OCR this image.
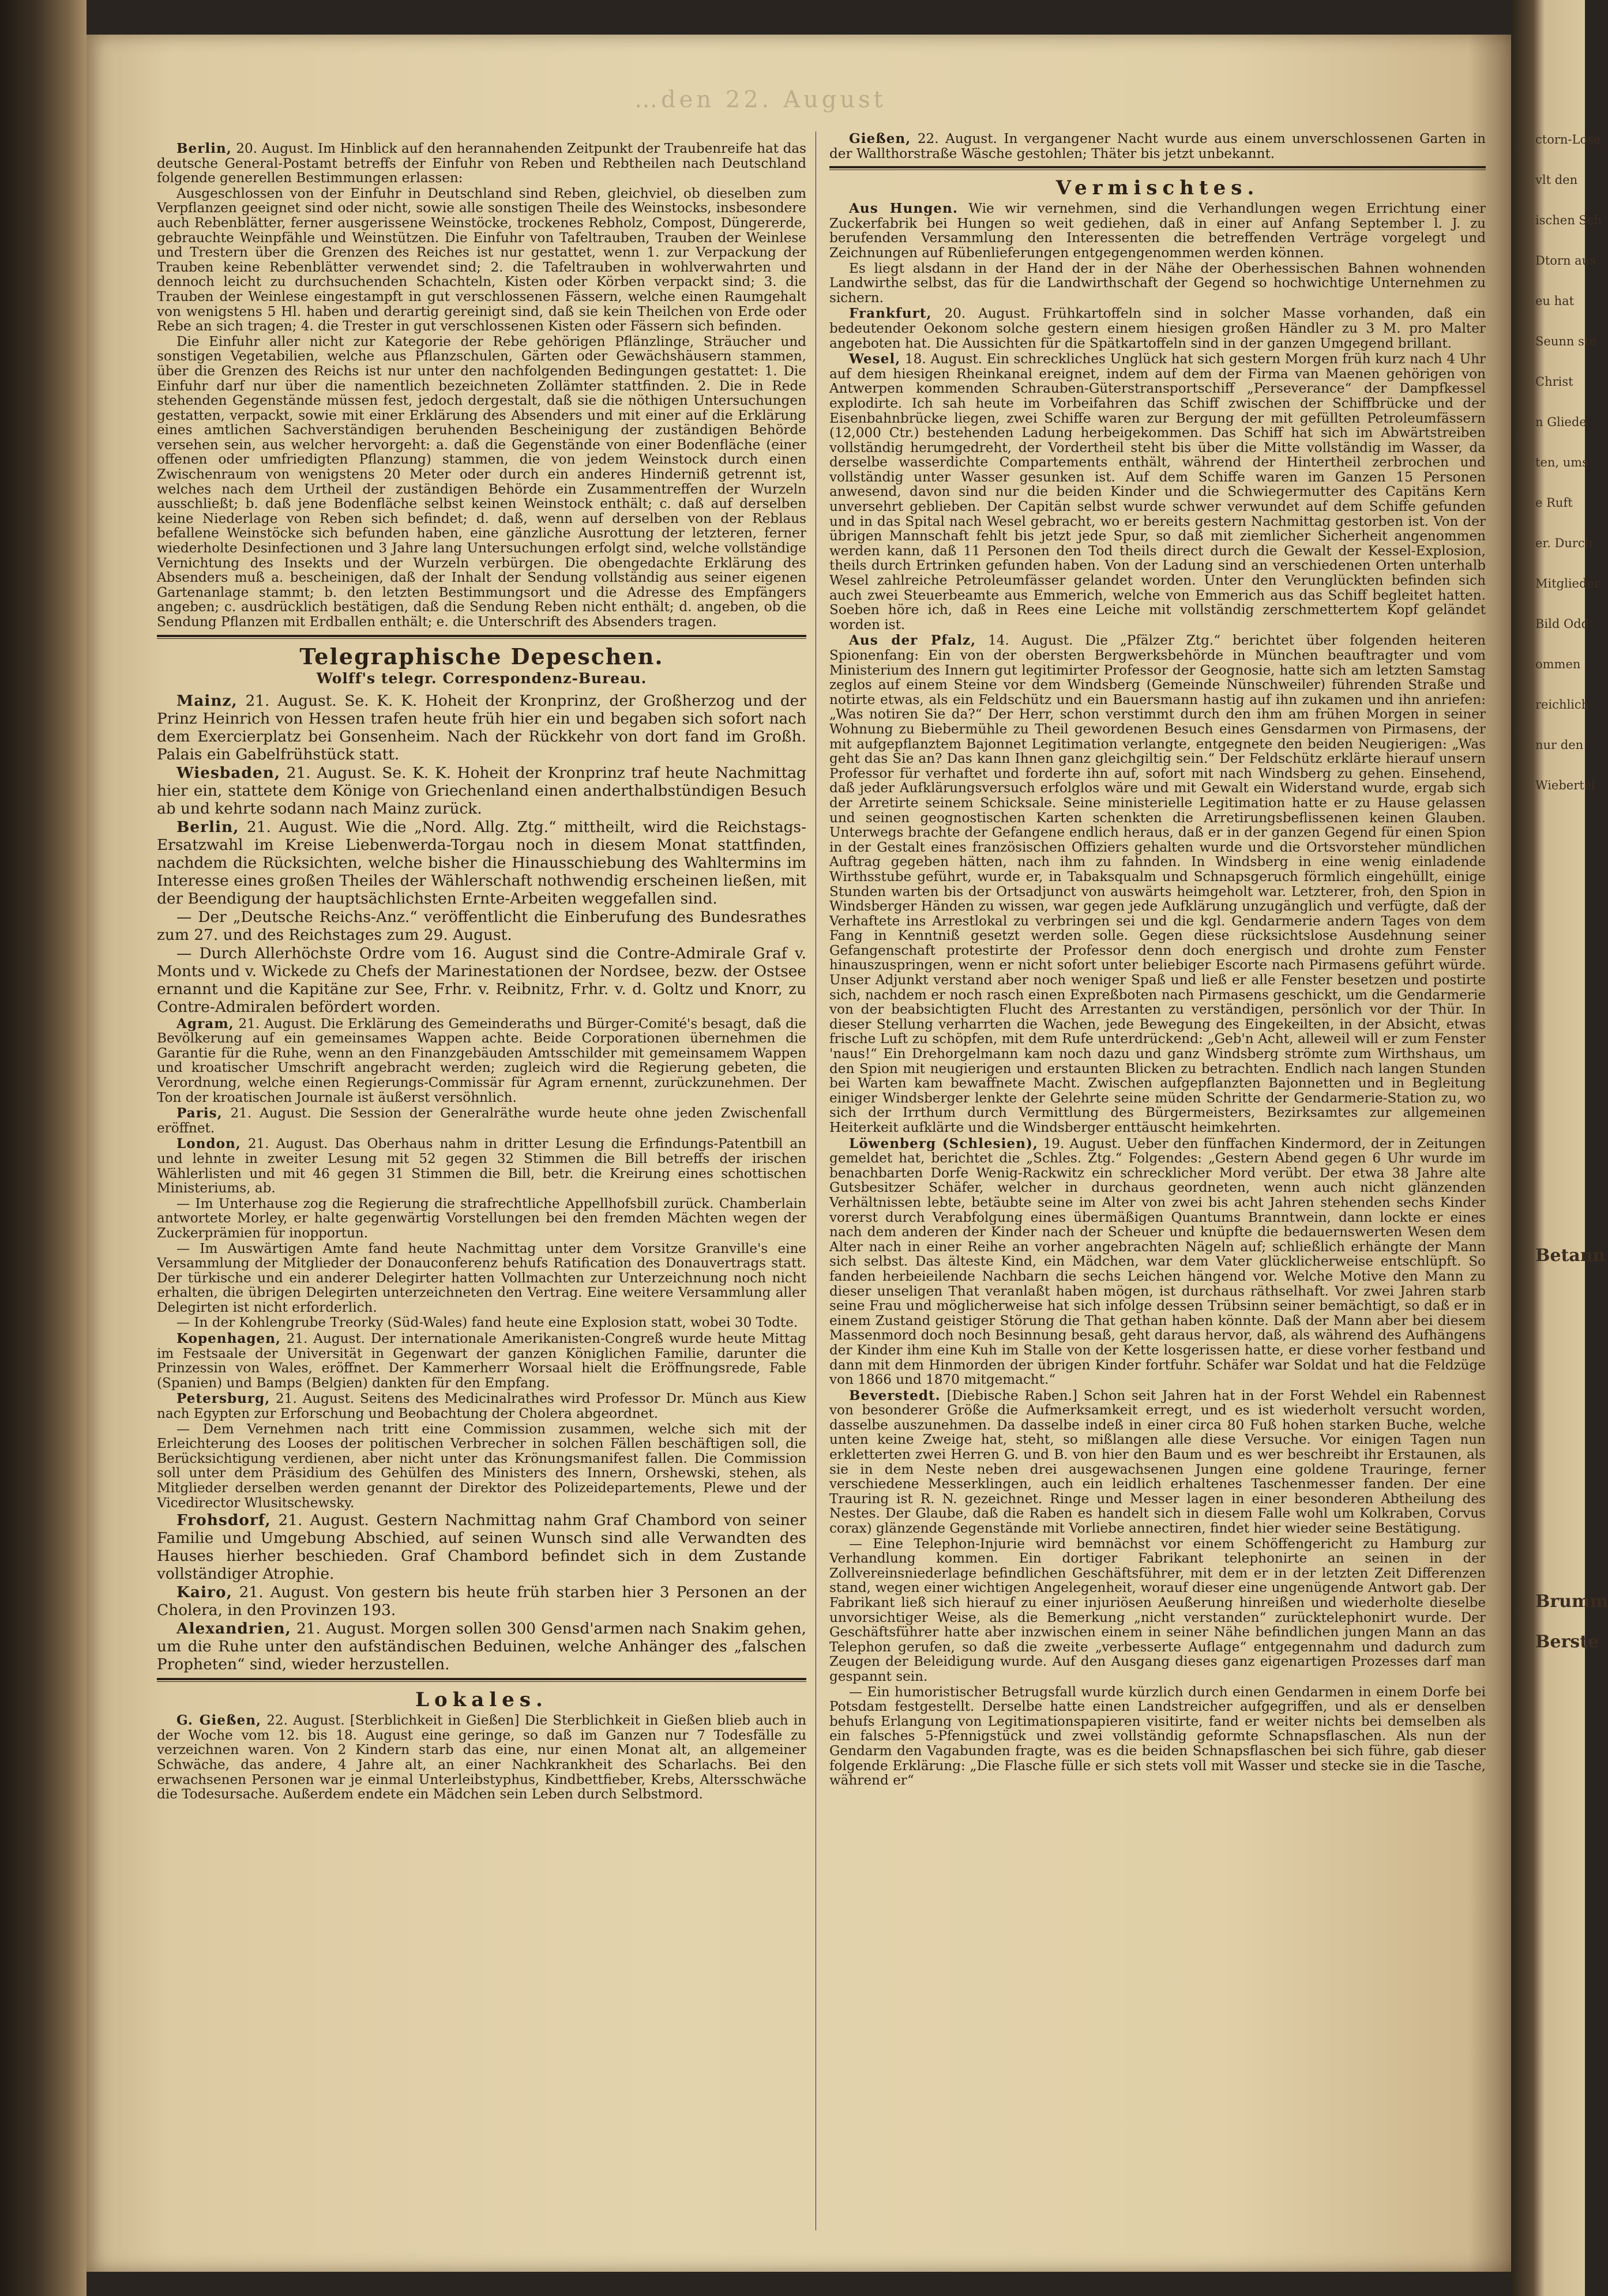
…den 22. August

Berlin, 20. August. Im Hinblick auf den herannahenden Zeitpunkt der Traubenreife hat das deutsche General-Postamt betreffs der Einfuhr von Reben und Rebtheilen nach Deutschland folgende generellen Bestimmungen erlassen:

Ausgeschlossen von der Einfuhr in Deutschland sind Reben, gleichviel, ob dieselben zum Verpflanzen geeignet sind oder nicht, sowie alle sonstigen Theile des Weinstocks, insbesondere auch Rebenblätter, ferner ausgerissene Weinstöcke, trockenes Rebholz, Compost, Düngererde, gebrauchte Weinpfähle und Weinstützen. Die Einfuhr von Tafeltrauben, Trauben der Weinlese und Trestern über die Grenzen des Reiches ist nur gestattet, wenn 1. zur Verpackung der Trauben keine Rebenblätter verwendet sind; 2. die Tafeltrauben in wohlverwahrten und dennoch leicht zu durchsuchenden Schachteln, Kisten oder Körben verpackt sind; 3. die Trauben der Weinlese eingestampft in gut verschlossenen Fässern, welche einen Raumgehalt von wenigstens 5 Hl. haben und derartig gereinigt sind, daß sie kein Theilchen von Erde oder Rebe an sich tragen; 4. die Trester in gut verschlossenen Kisten oder Fässern sich befinden.

Die Einfuhr aller nicht zur Kategorie der Rebe gehörigen Pflänzlinge, Sträucher und sonstigen Vegetabilien, welche aus Pflanzschulen, Gärten oder Gewächshäusern stammen, über die Grenzen des Reichs ist nur unter den nachfolgenden Bedingungen gestattet: 1. Die Einfuhr darf nur über die namentlich bezeichneten Zollämter stattfinden. 2. Die in Rede stehenden Gegenstände müssen fest, jedoch dergestalt, daß sie die nöthigen Untersuchungen gestatten, verpackt, sowie mit einer Erklärung des Absenders und mit einer auf die Erklärung eines amtlichen Sachverständigen beruhenden Bescheinigung der zuständigen Behörde versehen sein, aus welcher hervorgeht: a. daß die Gegenstände von einer Bodenfläche (einer offenen oder umfriedigten Pflanzung) stammen, die von jedem Weinstock durch einen Zwischenraum von wenigstens 20 Meter oder durch ein anderes Hinderniß getrennt ist, welches nach dem Urtheil der zuständigen Behörde ein Zusammentreffen der Wurzeln ausschließt; b. daß jene Bodenfläche selbst keinen Weinstock enthält; c. daß auf derselben keine Niederlage von Reben sich befindet; d. daß, wenn auf derselben von der Reblaus befallene Weinstöcke sich befunden haben, eine gänzliche Ausrottung der letzteren, ferner wiederholte Desinfectionen und 3 Jahre lang Untersuchungen erfolgt sind, welche vollständige Vernichtung des Insekts und der Wurzeln verbürgen. Die obengedachte Erklärung des Absenders muß a. bescheinigen, daß der Inhalt der Sendung vollständig aus seiner eigenen Gartenanlage stammt; b. den letzten Bestimmungsort und die Adresse des Empfängers angeben; c. ausdrücklich bestätigen, daß die Sendung Reben nicht enthält; d. angeben, ob die Sendung Pflanzen mit Erdballen enthält; e. die Unterschrift des Absenders tragen.

Telegraphische Depeschen.
Wolff's telegr. Correspondenz-Bureau.

Mainz, 21. August. Se. K. K. Hoheit der Kronprinz, der Großherzog und der Prinz Heinrich von Hessen trafen heute früh hier ein und begaben sich sofort nach dem Exercierplatz bei Gonsenheim. Nach der Rückkehr von dort fand im Großh. Palais ein Gabelfrühstück statt.

Wiesbaden, 21. August. Se. K. K. Hoheit der Kronprinz traf heute Nachmittag hier ein, stattete dem Könige von Griechenland einen anderthalbstündigen Besuch ab und kehrte sodann nach Mainz zurück.

Berlin, 21. August. Wie die „Nord. Allg. Ztg.“ mittheilt, wird die Reichstags-Ersatzwahl im Kreise Liebenwerda-Torgau noch in diesem Monat stattfinden, nachdem die Rücksichten, welche bisher die Hinausschiebung des Wahltermins im Interesse eines großen Theiles der Wählerschaft nothwendig erscheinen ließen, mit der Beendigung der hauptsächlichsten Ernte-Arbeiten weggefallen sind.

— Der „Deutsche Reichs-Anz.“ veröffentlicht die Einberufung des Bundesrathes zum 27. und des Reichstages zum 29. August.

— Durch Allerhöchste Ordre vom 16. August sind die Contre-Admirale Graf v. Monts und v. Wickede zu Chefs der Marinestationen der Nordsee, bezw. der Ostsee ernannt und die Kapitäne zur See, Frhr. v. Reibnitz, Frhr. v. d. Goltz und Knorr, zu Contre-Admiralen befördert worden.

Agram, 21. August. Die Erklärung des Gemeinderaths und Bürger-Comité's besagt, daß die Bevölkerung auf ein gemeinsames Wappen achte. Beide Corporationen übernehmen die Garantie für die Ruhe, wenn an den Finanzgebäuden Amtsschilder mit gemeinsamem Wappen und kroatischer Umschrift angebracht werden; zugleich wird die Regierung gebeten, die Verordnung, welche einen Regierungs-Commissär für Agram ernennt, zurückzunehmen. Der Ton der kroatischen Journale ist äußerst versöhnlich.

Paris, 21. August. Die Session der Generalräthe wurde heute ohne jeden Zwischenfall eröffnet.

London, 21. August. Das Oberhaus nahm in dritter Lesung die Erfindungs-Patentbill an und lehnte in zweiter Lesung mit 52 gegen 32 Stimmen die Bill betreffs der irischen Wählerlisten und mit 46 gegen 31 Stimmen die Bill, betr. die Kreirung eines schottischen Ministeriums, ab.

— Im Unterhause zog die Regierung die strafrechtliche Appellhofsbill zurück. Chamberlain antwortete Morley, er halte gegenwärtig Vorstellungen bei den fremden Mächten wegen der Zuckerprämien für inopportun.

— Im Auswärtigen Amte fand heute Nachmittag unter dem Vorsitze Granville's eine Versammlung der Mitglieder der Donauconferenz behufs Ratification des Donauvertrags statt. Der türkische und ein anderer Delegirter hatten Vollmachten zur Unterzeichnung noch nicht erhalten, die übrigen Delegirten unterzeichneten den Vertrag. Eine weitere Versammlung aller Delegirten ist nicht erforderlich.

— In der Kohlengrube Treorky (Süd-Wales) fand heute eine Explosion statt, wobei 30 Todte.

Kopenhagen, 21. August. Der internationale Amerikanisten-Congreß wurde heute Mittag im Festsaale der Universität in Gegenwart der ganzen Königlichen Familie, darunter die Prinzessin von Wales, eröffnet. Der Kammerherr Worsaal hielt die Eröffnungsrede, Fable (Spanien) und Bamps (Belgien) dankten für den Empfang.

Petersburg, 21. August. Seitens des Medicinalrathes wird Professor Dr. Münch aus Kiew nach Egypten zur Erforschung und Beobachtung der Cholera abgeordnet.

— Dem Vernehmen nach tritt eine Commission zusammen, welche sich mit der Erleichterung des Looses der politischen Verbrecher in solchen Fällen beschäftigen soll, die Berücksichtigung verdienen, aber nicht unter das Krönungsmanifest fallen. Die Commission soll unter dem Präsidium des Gehülfen des Ministers des Innern, Orshewski, stehen, als Mitglieder derselben werden genannt der Direktor des Polizeidepartements, Plewe und der Vicedirector Wlusitschewsky.

Frohsdorf, 21. August. Gestern Nachmittag nahm Graf Chambord von seiner Familie und Umgebung Abschied, auf seinen Wunsch sind alle Verwandten des Hauses hierher beschieden. Graf Chambord befindet sich in dem Zustande vollständiger Atrophie.

Kairo, 21. August. Von gestern bis heute früh starben hier 3 Personen an der Cholera, in den Provinzen 193.

Alexandrien, 21. August. Morgen sollen 300 Gensd'armen nach Snakim gehen, um die Ruhe unter den aufständischen Beduinen, welche Anhänger des „falschen Propheten“ sind, wieder herzustellen.

Lokales.

G. Gießen, 22. August. [Sterblichkeit in Gießen] Die Sterblichkeit in Gießen blieb auch in der Woche vom 12. bis 18. August eine geringe, so daß im Ganzen nur 7 Todesfälle zu verzeichnen waren. Von 2 Kindern starb das eine, nur einen Monat alt, an allgemeiner Schwäche, das andere, 4 Jahre alt, an einer Nachkrankheit des Scharlachs. Bei den erwachsenen Personen war je einmal Unterleibstyphus, Kindbettfieber, Krebs, Altersschwäche die Todesursache. Außerdem endete ein Mädchen sein Leben durch Selbstmord.

Gießen, 22. August. In vergangener Nacht wurde aus einem unverschlossenen Garten in der Wallthorstraße Wäsche gestohlen; Thäter bis jetzt unbekannt.

Vermischtes.

Aus Hungen. Wie wir vernehmen, sind die Verhandlungen wegen Errichtung einer Zuckerfabrik bei Hungen so weit gediehen, daß in einer auf Anfang September l. J. zu berufenden Versammlung den Interessenten die betreffenden Verträge vorgelegt und Zeichnungen auf Rübenlieferungen entgegengenommen werden können.

Es liegt alsdann in der Hand der in der Nähe der Oberhessischen Bahnen wohnenden Landwirthe selbst, das für die Landwirthschaft der Gegend so hochwichtige Unternehmen zu sichern.

Frankfurt, 20. August. Frühkartoffeln sind in solcher Masse vorhanden, daß ein bedeutender Oekonom solche gestern einem hiesigen großen Händler zu 3 M. pro Malter angeboten hat. Die Aussichten für die Spätkartoffeln sind in der ganzen Umgegend brillant.

Wesel, 18. August. Ein schreckliches Unglück hat sich gestern Morgen früh kurz nach 4 Uhr auf dem hiesigen Rheinkanal ereignet, indem auf dem der Firma van Maenen gehörigen von Antwerpen kommenden Schrauben-Güterstransportschiff „Perseverance“ der Dampfkessel explodirte. Ich sah heute im Vorbeifahren das Schiff zwischen der Schiffbrücke und der Eisenbahnbrücke liegen, zwei Schiffe waren zur Bergung der mit gefüllten Petroleumfässern (12,000 Ctr.) bestehenden Ladung herbeigekommen. Das Schiff hat sich im Abwärtstreiben vollständig herumgedreht, der Vordertheil steht bis über die Mitte vollständig im Wasser, da derselbe wasserdichte Compartements enthält, während der Hintertheil zerbrochen und vollständig unter Wasser gesunken ist. Auf dem Schiffe waren im Ganzen 15 Personen anwesend, davon sind nur die beiden Kinder und die Schwiegermutter des Capitäns Kern unversehrt geblieben. Der Capitän selbst wurde schwer verwundet auf dem Schiffe gefunden und in das Spital nach Wesel gebracht, wo er bereits gestern Nachmittag gestorben ist. Von der übrigen Mannschaft fehlt bis jetzt jede Spur, so daß mit ziemlicher Sicherheit angenommen werden kann, daß 11 Personen den Tod theils direct durch die Gewalt der Kessel-Explosion, theils durch Ertrinken gefunden haben. Von der Ladung sind an verschiedenen Orten unterhalb Wesel zahlreiche Petroleumfässer gelandet worden. Unter den Verunglückten befinden sich auch zwei Steuerbeamte aus Emmerich, welche von Emmerich aus das Schiff begleitet hatten. Soeben höre ich, daß in Rees eine Leiche mit vollständig zerschmettertem Kopf geländet worden ist.

Aus der Pfalz, 14. August. Die „Pfälzer Ztg.“ berichtet über folgenden heiteren Spionenfang: Ein von der obersten Bergwerksbehörde in München beauftragter und vom Ministerium des Innern gut legitimirter Professor der Geognosie, hatte sich am letzten Samstag zeglos auf einem Steine vor dem Windsberg (Gemeinde Nünschweiler) führenden Straße und notirte etwas, als ein Feldschütz und ein Bauersmann hastig auf ihn zukamen und ihn anriefen: „Was notiren Sie da?“ Der Herr, schon verstimmt durch den ihm am frühen Morgen in seiner Wohnung zu Biebermühle zu Theil gewordenen Besuch eines Gensdarmen von Pirmasens, der mit aufgepflanztem Bajonnet Legitimation verlangte, entgegnete den beiden Neugierigen: „Was geht das Sie an? Das kann Ihnen ganz gleichgiltig sein.“ Der Feldschütz erklärte hierauf unsern Professor für verhaftet und forderte ihn auf, sofort mit nach Windsberg zu gehen. Einsehend, daß jeder Aufklärungsversuch erfolglos wäre und mit Gewalt ein Widerstand wurde, ergab sich der Arretirte seinem Schicksale. Seine ministerielle Legitimation hatte er zu Hause gelassen und seinen geognostischen Karten schenkten die Arretirungsbeflissenen keinen Glauben. Unterwegs brachte der Gefangene endlich heraus, daß er in der ganzen Gegend für einen Spion in der Gestalt eines französischen Offiziers gehalten wurde und die Ortsvorsteher mündlichen Auftrag gegeben hätten, nach ihm zu fahnden. In Windsberg in eine wenig einladende Wirthsstube geführt, wurde er, in Tabaksqualm und Schnapsgeruch förmlich eingehüllt, einige Stunden warten bis der Ortsadjunct von auswärts heimgeholt war. Letzterer, froh, den Spion in Windsberger Händen zu wissen, war gegen jede Aufklärung unzugänglich und verfügte, daß der Verhaftete ins Arrestlokal zu verbringen sei und die kgl. Gendarmerie andern Tages von dem Fang in Kenntniß gesetzt werden solle. Gegen diese rücksichtslose Ausdehnung seiner Gefangenschaft protestirte der Professor denn doch energisch und drohte zum Fenster hinauszuspringen, wenn er nicht sofort unter beliebiger Escorte nach Pirmasens geführt würde. Unser Adjunkt verstand aber noch weniger Spaß und ließ er alle Fenster besetzen und postirte sich, nachdem er noch rasch einen Expreßboten nach Pirmasens geschickt, um die Gendarmerie von der beabsichtigten Flucht des Arrestanten zu verständigen, persönlich vor der Thür. In dieser Stellung verharrten die Wachen, jede Bewegung des Eingekeilten, in der Absicht, etwas frische Luft zu schöpfen, mit dem Rufe unterdrückend: „Geb'n Acht, alleweil will er zum Fenster 'naus!“ Ein Drehorgelmann kam noch dazu und ganz Windsberg strömte zum Wirthshaus, um den Spion mit neugierigen und erstaunten Blicken zu betrachten. Endlich nach langen Stunden bei Warten kam bewaffnete Macht. Zwischen aufgepflanzten Bajonnetten und in Begleitung einiger Windsberger lenkte der Gelehrte seine müden Schritte der Gendarmerie-Station zu, wo sich der Irrthum durch Vermittlung des Bürgermeisters, Bezirksamtes zur allgemeinen Heiterkeit aufklärte und die Windsberger enttäuscht heimkehrten.

Löwenberg (Schlesien), 19. August. Ueber den fünffachen Kindermord, der in Zeitungen gemeldet hat, berichtet die „Schles. Ztg.“ Folgendes: „Gestern Abend gegen 6 Uhr wurde im benachbarten Dorfe Wenig-Rackwitz ein schrecklicher Mord verübt. Der etwa 38 Jahre alte Gutsbesitzer Schäfer, welcher in durchaus geordneten, wenn auch nicht glänzenden Verhältnissen lebte, betäubte seine im Alter von zwei bis acht Jahren stehenden sechs Kinder vorerst durch Verabfolgung eines übermäßigen Quantums Branntwein, dann lockte er eines nach dem anderen der Kinder nach der Scheuer und knüpfte die bedauernswerten Wesen dem Alter nach in einer Reihe an vorher angebrachten Nägeln auf; schließlich erhängte der Mann sich selbst. Das älteste Kind, ein Mädchen, war dem Vater glücklicherweise entschlüpft. So fanden herbeieilende Nachbarn die sechs Leichen hängend vor. Welche Motive den Mann zu dieser unseligen That veranlaßt haben mögen, ist durchaus räthselhaft. Vor zwei Jahren starb seine Frau und möglicherweise hat sich infolge dessen Trübsinn seiner bemächtigt, so daß er in einem Zustand geistiger Störung die That gethan haben könnte. Daß der Mann aber bei diesem Massenmord doch noch Besinnung besaß, geht daraus hervor, daß, als während des Aufhängens der Kinder ihm eine Kuh im Stalle von der Kette losgerissen hatte, er diese vorher festband und dann mit dem Hinmorden der übrigen Kinder fortfuhr. Schäfer war Soldat und hat die Feldzüge von 1866 und 1870 mitgemacht.“

Beverstedt. [Diebische Raben.] Schon seit Jahren hat in der Forst Wehdel ein Rabennest von besonderer Größe die Aufmerksamkeit erregt, und es ist wiederholt versucht worden, dasselbe auszunehmen. Da dasselbe indeß in einer circa 80 Fuß hohen starken Buche, welche unten keine Zweige hat, steht, so mißlangen alle diese Versuche. Vor einigen Tagen nun erkletterten zwei Herren G. und B. von hier den Baum und es wer beschreibt ihr Erstaunen, als sie in dem Neste neben drei ausgewachsenen Jungen eine goldene Trauringe, ferner verschiedene Messerklingen, auch ein leidlich erhaltenes Taschenmesser fanden. Der eine Trauring ist R. N. gezeichnet. Ringe und Messer lagen in einer besonderen Abtheilung des Nestes. Der Glaube, daß die Raben es handelt sich in diesem Falle wohl um Kolkraben, Corvus corax) glänzende Gegenstände mit Vorliebe annectiren, findet hier wieder seine Bestätigung.

— Eine Telephon-Injurie wird bemnächst vor einem Schöffengericht zu Hamburg zur Verhandlung kommen. Ein dortiger Fabrikant telephonirte an seinen in der Zollvereinsniederlage befindlichen Geschäftsführer, mit dem er in der letzten Zeit Differenzen stand, wegen einer wichtigen Angelegenheit, worauf dieser eine ungenügende Antwort gab. Der Fabrikant ließ sich hierauf zu einer injuriösen Aeußerung hinreißen und wiederholte dieselbe unvorsichtiger Weise, als die Bemerkung „nicht verstanden“ zurücktelephonirt wurde. Der Geschäftsführer hatte aber inzwischen einem in seiner Nähe befindlichen jungen Mann an das Telephon gerufen, so daß die zweite „verbesserte Auflage“ entgegennahm und dadurch zum Zeugen der Beleidigung wurde. Auf den Ausgang dieses ganz eigenartigen Prozesses darf man gespannt sein.

— Ein humoristischer Betrugsfall wurde kürzlich durch einen Gendarmen in einem Dorfe bei Potsdam festgestellt. Derselbe hatte einen Landstreicher aufgegriffen, und als er denselben behufs Erlangung von Legitimationspapieren visitirte, fand er weiter nichts bei demselben als ein falsches 5-Pfennigstück und zwei vollständig geformte Schnapsflaschen. Als nun der Gendarm den Vagabunden fragte, was es die beiden Schnapsflaschen bei sich führe, gab dieser folgende Erklärung: „Die Flasche fülle er sich stets voll mit Wasser und stecke sie in die Tasche, während er“

ctorn-Lose
vlt den
ischen Sch
Dtorn aus
eu hat
Seunn ste
Christ
n Gliede
ten, ums
e Ruft
er. Durch
Mitglieder
Bild Odd
ommen
reichlich
nur den
Wiebertel
Betann
Brumm
Berste
